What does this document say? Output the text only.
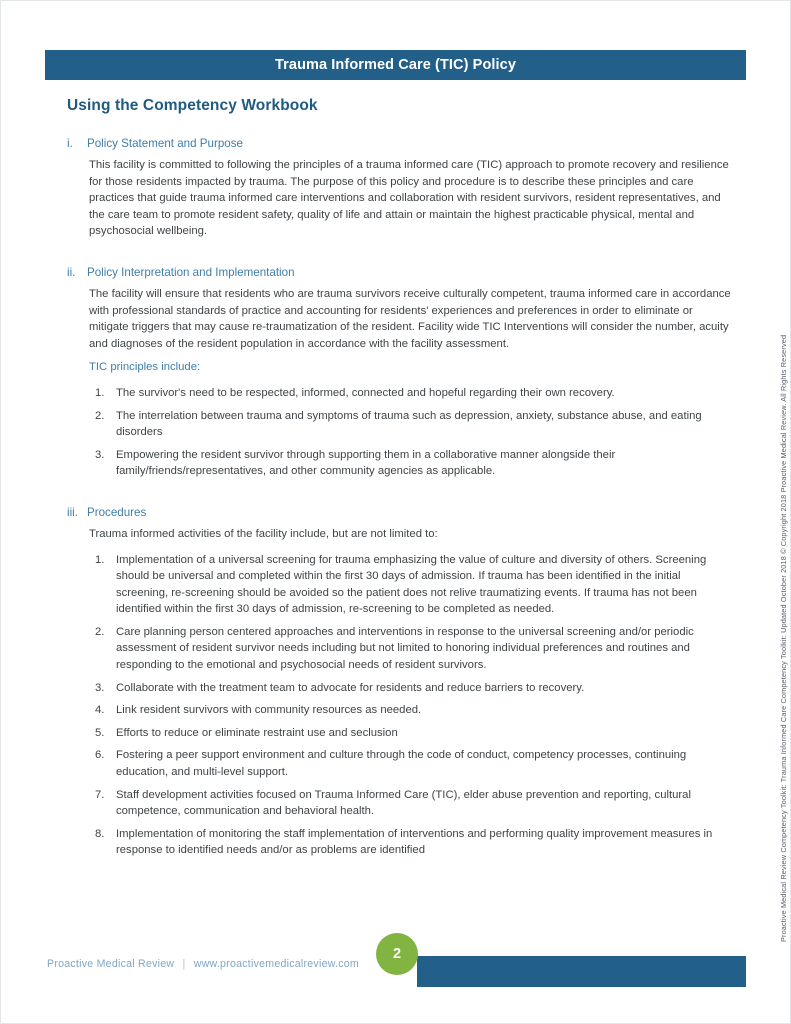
Trauma Informed Care (TIC) Policy
Using the Competency Workbook
i.	Policy Statement and Purpose

This facility is committed to following the principles of a trauma informed care (TIC) approach to promote recovery and resilience for those residents impacted by trauma. The purpose of this policy and procedure is to describe these principles and care practices that guide trauma informed care interventions and collaboration with resident survivors, resident representatives, and the care team to promote resident safety, quality of life and attain or maintain the highest practicable physical, mental and psychosocial wellbeing.

ii.	Policy Interpretation and Implementation

The facility will ensure that residents who are trauma survivors receive culturally competent, trauma informed care in accordance with professional standards of practice and accounting for residents' experiences and preferences in order to eliminate or mitigate triggers that may cause re-traumatization of the resident. Facility wide TIC Interventions will consider the number, acuity and diagnoses of the resident population in accordance with the facility assessment.

TIC principles include:

1.	The survivor's need to be respected, informed, connected and hopeful regarding their own recovery.
2.	The interrelation between trauma and symptoms of trauma such as depression, anxiety, substance abuse, and eating disorders
3.	Empowering the resident survivor through supporting them in a collaborative manner alongside their family/friends/representatives, and other community agencies as applicable.
iii. Procedures

Trauma informed activities of the facility include, but are not limited to:

1.	Implementation of a universal screening for trauma emphasizing the value of culture and diversity of others. Screening should be universal and completed within the first 30 days of admission. If trauma has been identified in the initial screening, re-screening should be avoided so the patient does not relive traumatizing events. If trauma has not been identified within the first 30 days of admission, re-screening to be completed as needed.
2.	Care planning person centered approaches and interventions in response to the universal screening and/or periodic assessment of resident survivor needs including but not limited to honoring individual preferences and routines and responding to the emotional and psychosocial needs of resident survivors.
3.	Collaborate with the treatment team to advocate for residents and reduce barriers to recovery.
4.	Link resident survivors with community resources as needed.
5.	Efforts to reduce or eliminate restraint use and seclusion
6.	Fostering a peer support environment and culture through the code of conduct, competency processes, continuing education, and multi-level support.
7.	Staff development activities focused on Trauma Informed Care (TIC), elder abuse prevention and reporting, cultural competence, communication and behavioral health.
8.	Implementation of monitoring the staff implementation of interventions and performing quality improvement measures in response to identified needs and/or as problems are identified	Proactive Medical Review Competency Toolkit: Trauma Informed Care Competency Toolkit: Updated October 2018 © Copyright 2018 Proactive Medical Review. All Rights Reserved
2
Proactive Medical Review | www.proactivemedicalreview.com
